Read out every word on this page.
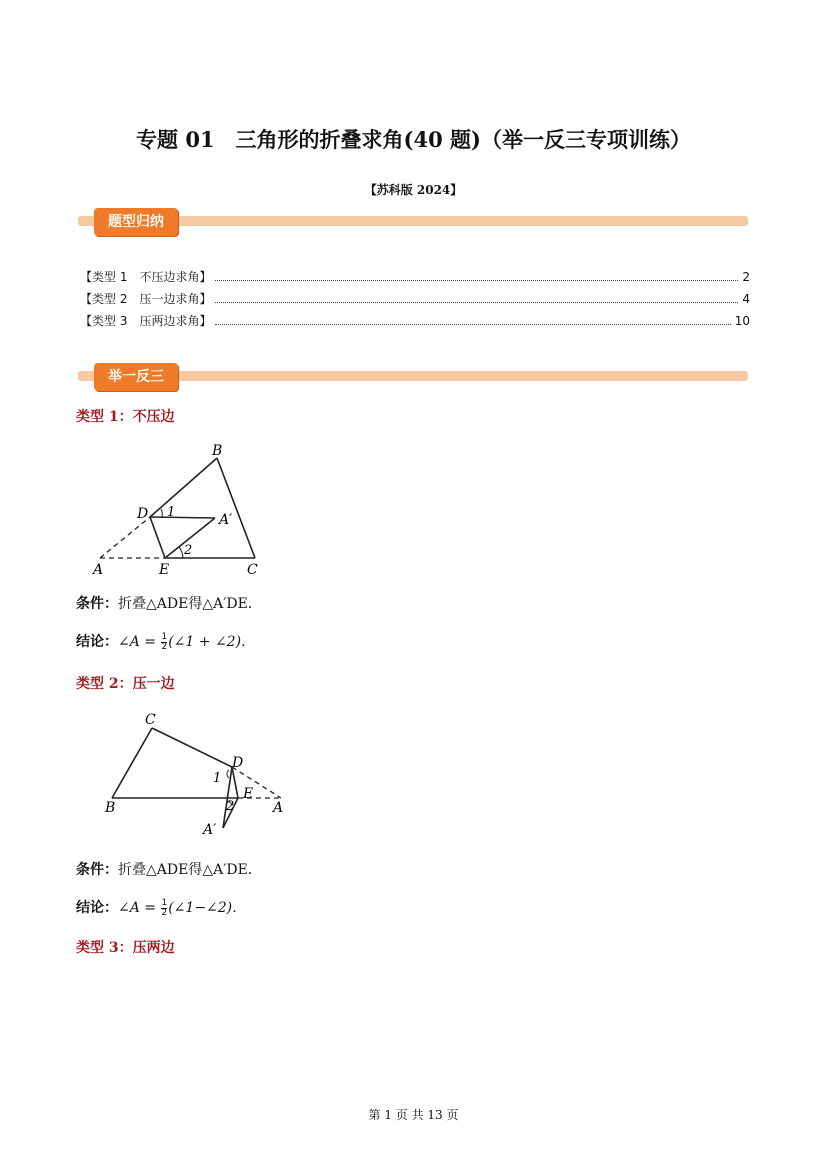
专题 01　三角形的折叠求角(40 题)（举一反三专项训练）
【苏科版 2024】
题型归纳
【类型 1　不压边求角】	2
【类型 2　压一边求角】	4
【类型 3　压两边求角】	10
举一反三
类型 1：不压边
B
D 1	A′
2
A	E	C
条件：折叠△ADE得△A′DE．
结论：∠A = $\frac{1}{2}$ (∠1 + ∠2)．
类型 2：压一边
C
D
1
B
E
A
2
A′
条件：折叠△ADE得△A′DE．
结论：∠A = $\frac{1}{2}$ (∠1−∠2)．
类型 3：压两边
第 1 页 共 13 页
